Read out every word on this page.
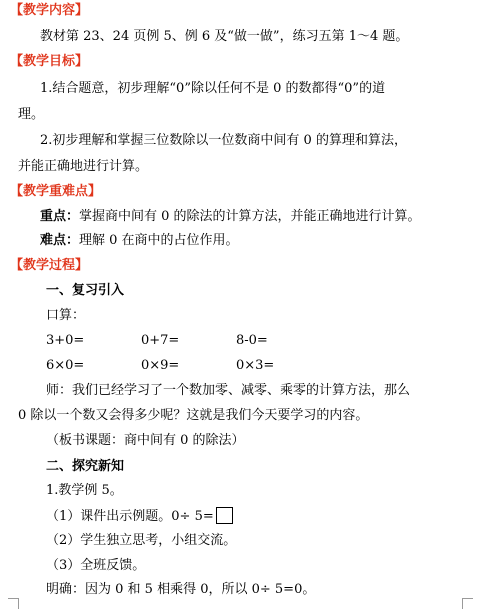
【教学内容】
教材第 23、24 页例 5、例 6 及“做一做”，练习五第 1～4 题。
【教学目标】
1.结合题意，初步理解“0”除以任何不是 0 的数都得“0”的道
理。
2.初步理解和掌握三位数除以一位数商中间有 0 的算理和算法，
并能正确地进行计算。
【教学重难点】
重点：掌握商中间有 0 的除法的计算方法，并能正确地进行计算。
难点：理解 0 在商中的占位作用。
【教学过程】
一、复习引入
口算：
3+0=	0+7=	8-0=
6×0=	0×9=	0×3=
师：我们已经学习了一个数加零、减零、乘零的计算方法，那么
0 除以一个数又会得多少呢？这就是我们今天要学习的内容。
（板书课题：商中间有 0 的除法）
二、探究新知
1.教学例 5。
（1）课件出示例题。0÷ 5=
（2）学生独立思考，小组交流。
（3）全班反馈。
明确：因为 0 和 5 相乘得 0，所以 0÷ 5=0。
